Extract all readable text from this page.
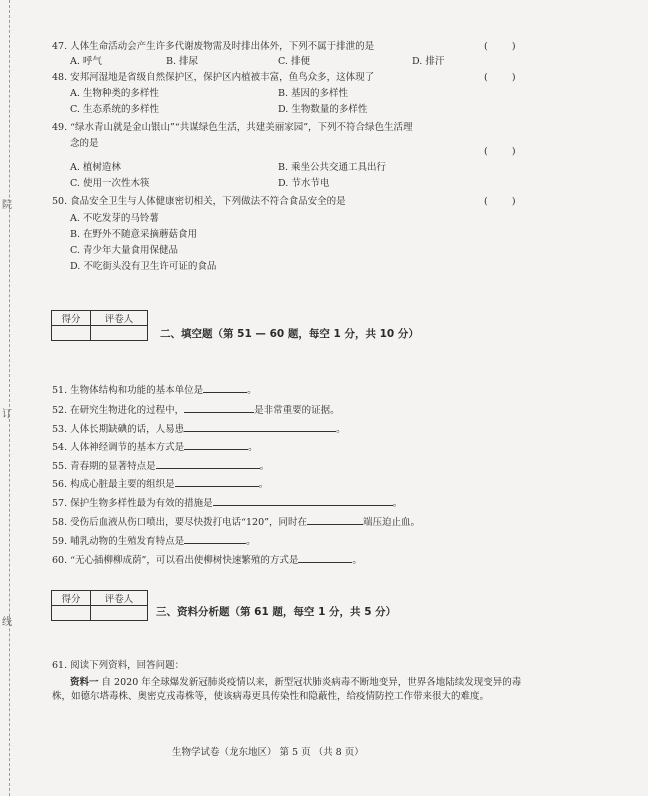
院
订
线
47. 人体生命活动会产生许多代谢废物需及时排出体外，下列不属于排泄的是	(        )
A. 呼气	B. 排尿	C. 排便	D. 排汗
48. 安邦河湿地是省级自然保护区，保护区内植被丰富，鱼鸟众多，这体现了	(        )
A. 生物种类的多样性	B. 基因的多样性
C. 生态系统的多样性	D. 生物数量的多样性
49. “绿水青山就是金山银山”“共谋绿色生活，共建美丽家园”，下列不符合绿色生活理
念的是
(        )
A. 植树造林	B. 乘坐公共交通工具出行
C. 使用一次性木筷	D. 节水节电
50. 食品安全卫生与人体健康密切相关，下列做法不符合食品安全的是	(        )
A. 不吃发芽的马铃薯
B. 在野外不随意采摘蘑菇食用
C. 青少年大量食用保健品
D. 不吃街头没有卫生许可证的食品
得分	评卷人

二、填空题（第 51 — 60 题，每空 1 分，共 10 分）
51. 生物体结构和功能的基本单位是	。
52. 在研究生物进化的过程中，	是非常重要的证据。
53. 人体长期缺碘的话，人易患	。
54. 人体神经调节的基本方式是	。
55. 青春期的显著特点是	。
56. 构成心脏最主要的组织是	。
57. 保护生物多样性最为有效的措施是	。
58. 受伤后血液从伤口喷出，要尽快拨打电话“120”，同时在	端压迫止血。
59. 哺乳动物的生殖发育特点是	。
60. “无心插柳柳成荫”，可以看出使柳树快速繁殖的方式是	。
得分	评卷人

三、资料分析题（第 61 题，每空 1 分，共 5 分）
61. 阅读下列资料，回答问题：
资料一 自 2020 年全球爆发新冠肺炎疫情以来，新型冠状肺炎病毒不断地变异，世界各地陆续发现变异的毒株，如德尔塔毒株、奥密克戎毒株等，使该病毒更具传染性和隐蔽性，给疫情防控工作带来很大的难度。
生物学试卷（龙东地区） 第 5 页 （共 8 页）
